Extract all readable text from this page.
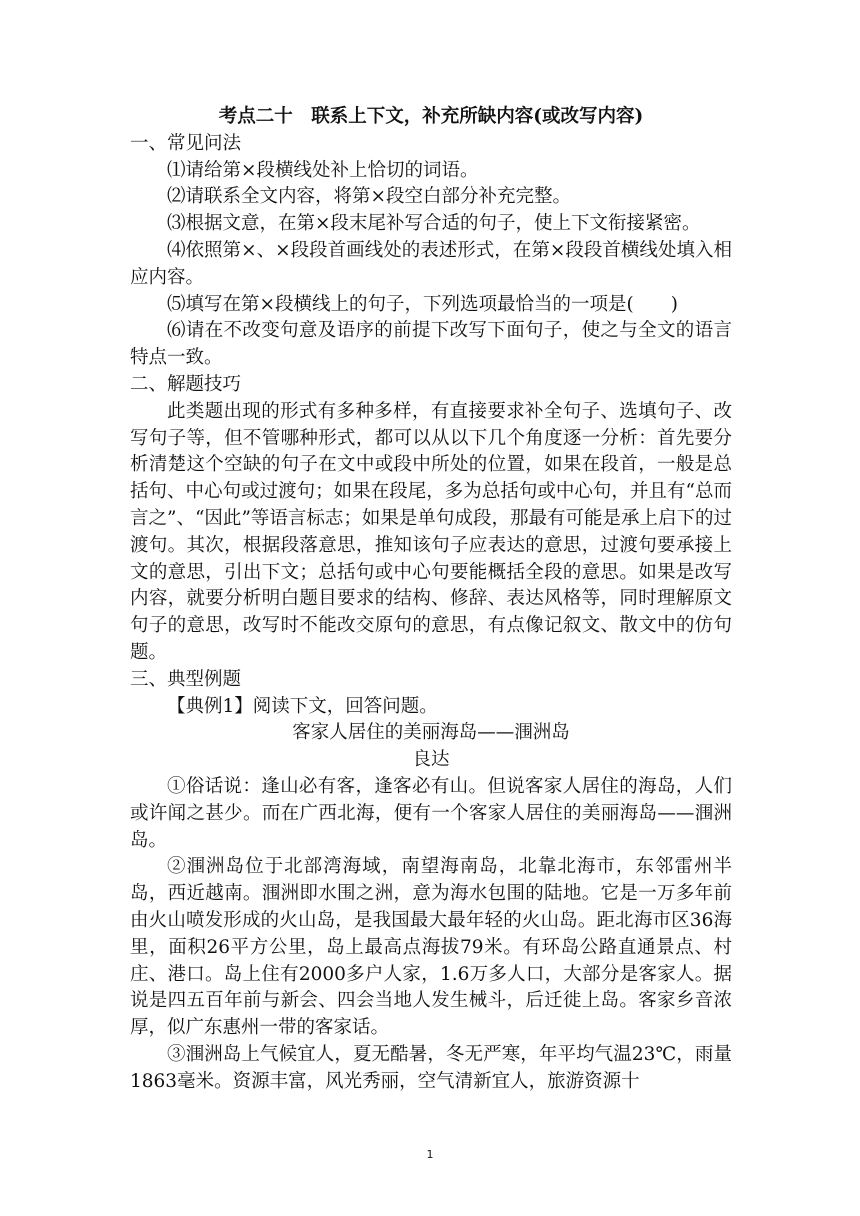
考点二十　联系上下文，补充所缺内容(或改写内容)

一、常见问法

⑴请给第×段横线处补上恰切的词语。

⑵请联系全文内容，将第×段空白部分补充完整。

⑶根据文意，在第×段末尾补写合适的句子，使上下文衔接紧密。

⑷依照第×、×段段首画线处的表述形式，在第×段段首横线处填入相应内容。

⑸填写在第×段横线上的句子，下列选项最恰当的一项是(　　)

⑹请在不改变句意及语序的前提下改写下面句子，使之与全文的语言特点一致。

二、解题技巧

此类题出现的形式有多种多样，有直接要求补全句子、选填句子、改写句子等，但不管哪种形式，都可以从以下几个角度逐一分析：首先要分析清楚这个空缺的句子在文中或段中所处的位置，如果在段首，一般是总括句、中心句或过渡句；如果在段尾，多为总括句或中心句，并且有“总而言之”、“因此”等语言标志；如果是单句成段，那最有可能是承上启下的过渡句。其次，根据段落意思，推知该句子应表达的意思，过渡句要承接上文的意思，引出下文；总括句或中心句要能概括全段的意思。如果是改写内容，就要分析明白题目要求的结构、修辞、表达风格等，同时理解原文句子的意思，改写时不能改交原句的意思，有点像记叙文、散文中的仿句题。

三、典型例题

【典例1】阅读下文，回答问题。

客家人居住的美丽海岛——涠洲岛

良达

①俗话说：逢山必有客，逢客必有山。但说客家人居住的海岛，人们或许闻之甚少。而在广西北海，便有一个客家人居住的美丽海岛——涠洲岛。

②涠洲岛位于北部湾海域，南望海南岛，北靠北海市，东邻雷州半岛，西近越南。涠洲即水围之洲，意为海水包围的陆地。它是一万多年前由火山喷发形成的火山岛，是我国最大最年轻的火山岛。距北海市区36海里，面积26平方公里，岛上最高点海拔79米。有环岛公路直通景点、村庄、港口。岛上住有2000多户人家，1.6万多人口，大部分是客家人。据说是四五百年前与新会、四会当地人发生械斗，后迁徙上岛。客家乡音浓厚，似广东惠州一带的客家话。

③涠洲岛上气候宜人，夏无酷暑，冬无严寒，年平均气温23℃，雨量1863毫米。资源丰富，风光秀丽，空气清新宜人，旅游资源十

1
